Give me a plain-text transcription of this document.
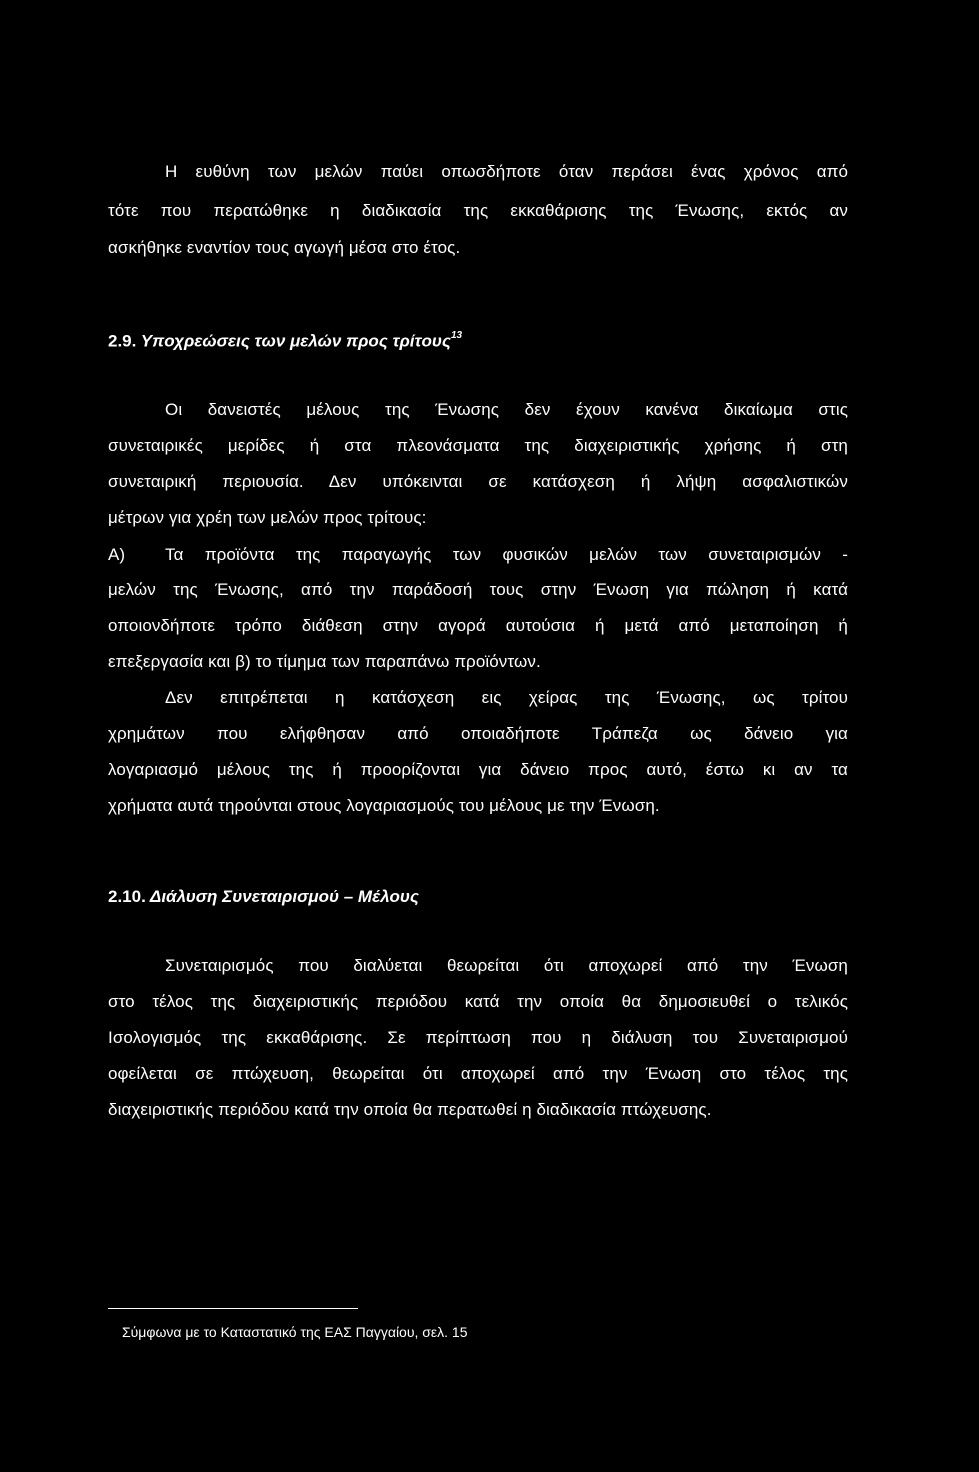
Η ευθύνη των μελών παύει οπωσδήποτε όταν περάσει ένας χρόνος από
τότε που περατώθηκε η διαδικασία της εκκαθάρισης της Ένωσης, εκτός αν
ασκήθηκε εναντίον τους αγωγή μέσα στο έτος.
2.9. Υποχρεώσεις των μελών προς τρίτους$^{13}$
Οι δανειστές μέλους της Ένωσης δεν έχουν κανένα δικαίωμα στις
συνεταιρικές μερίδες ή στα πλεονάσματα της διαχειριστικής χρήσης ή στη
συνεταιρική περιουσία. Δεν υπόκεινται σε κατάσχεση ή λήψη ασφαλιστικών
μέτρων για χρέη των μελών προς τρίτους:
Α) Τα προϊόντα της παραγωγής των φυσικών μελών των συνεταιρισμών -
μελών της Ένωσης, από την παράδοσή τους στην Ένωση για πώληση ή κατά
οποιονδήποτε τρόπο διάθεση στην αγορά αυτούσια ή μετά από μεταποίηση ή
επεξεργασία και β) το τίμημα των παραπάνω προϊόντων.
Δεν επιτρέπεται η κατάσχεση εις χείρας της Ένωσης, ως τρίτου
χρημάτων που ελήφθησαν από οποιαδήποτε Τράπεζα ως δάνειο για
λογαριασμό μέλους της ή προορίζονται για δάνειο προς αυτό, έστω κι αν τα
χρήματα αυτά τηρούνται στους λογαριασμούς του μέλους με την Ένωση.
2.10. Διάλυση Συνεταιρισμού – Μέλους
Συνεταιρισμός που διαλύεται θεωρείται ότι αποχωρεί από την Ένωση
στο τέλος της διαχειριστικής περιόδου κατά την οποία θα δημοσιευθεί ο τελικός
Ισολογισμός της εκκαθάρισης. Σε περίπτωση που η διάλυση του Συνεταιρισμού
οφείλεται σε πτώχευση, θεωρείται ότι αποχωρεί από την Ένωση στο τέλος της
διαχειριστικής περιόδου κατά την οποία θα περατωθεί η διαδικασία πτώχευσης.
Σύμφωνα με το Καταστατικό της ΕΑΣ Παγγαίου, σελ. 15
